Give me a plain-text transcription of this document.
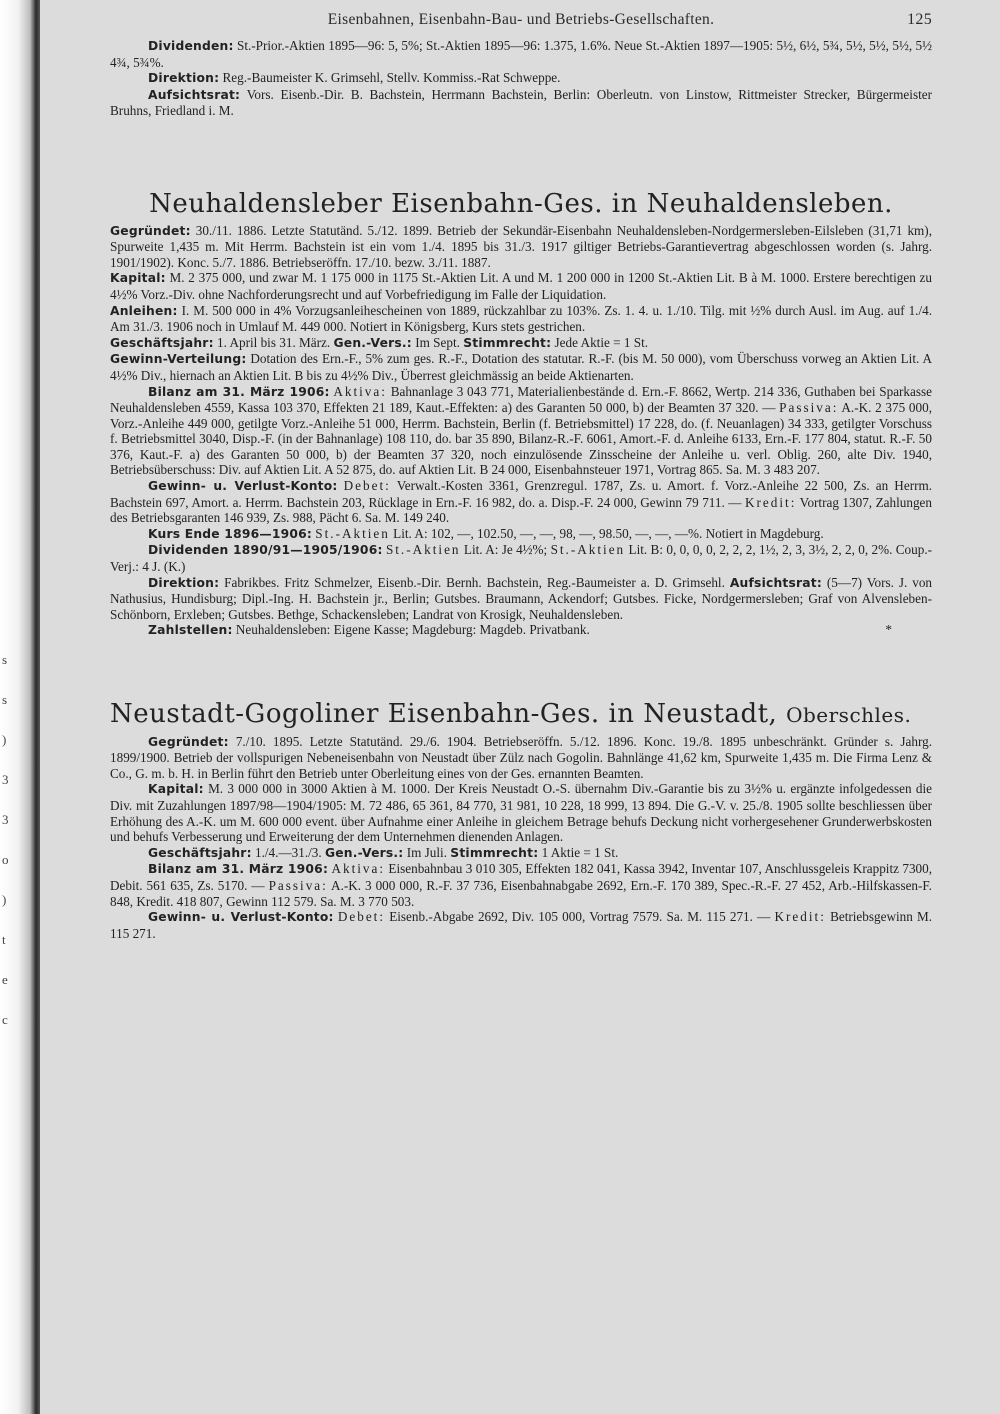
s
s
)
3
3
o
)
t
e
c
Eisenbahnen, Eisenbahn-Bau- und Betriebs-Gesellschaften.	125

Dividenden: St.-Prior.-Aktien 1895—96: 5, 5%; St.-Aktien 1895—96: 1.375, 1.6%. Neue St.-Aktien 1897—1905: 5½, 6½, 5¾, 5½, 5½, 5½, 5½ 4¾, 5¾%.

Direktion: Reg.-Baumeister K. Grimsehl, Stellv. Kommiss.-Rat Schweppe.

Aufsichtsrat: Vors. Eisenb.-Dir. B. Bachstein, Herrmann Bachstein, Berlin: Oberleutn. von Linstow, Rittmeister Strecker, Bürgermeister Bruhns, Friedland i. M.

Neuhaldensleber Eisenbahn-Ges. in Neuhaldensleben.

Gegründet: 30./11. 1886. Letzte Statutänd. 5./12. 1899. Betrieb der Sekundär-Eisenbahn Neuhaldensleben-Nordgermersleben-Eilsleben (31,71 km), Spurweite 1,435 m. Mit Herrm. Bachstein ist ein vom 1./4. 1895 bis 31./3. 1917 giltiger Betriebs-Garantievertrag abgeschlossen worden (s. Jahrg. 1901/1902). Konc. 5./7. 1886. Betriebseröffn. 17./10. bezw. 3./11. 1887.

Kapital: M. 2 375 000, und zwar M. 1 175 000 in 1175 St.-Aktien Lit. A und M. 1 200 000 in 1200 St.-Aktien Lit. B à M. 1000. Erstere berechtigen zu 4½% Vorz.-Div. ohne Nachforderungsrecht und auf Vorbefriedigung im Falle der Liquidation.

Anleihen: I. M. 500 000 in 4% Vorzugsanleihescheinen von 1889, rückzahlbar zu 103%. Zs. 1. 4. u. 1./10. Tilg. mit ½% durch Ausl. im Aug. auf 1./4. Am 31./3. 1906 noch in Umlauf M. 449 000. Notiert in Königsberg, Kurs stets gestrichen.

Geschäftsjahr: 1. April bis 31. März. Gen.-Vers.: Im Sept. Stimmrecht: Jede Aktie = 1 St.

Gewinn-Verteilung: Dotation des Ern.-F., 5% zum ges. R.-F., Dotation des statutar. R.-F. (bis M. 50 000), vom Überschuss vorweg an Aktien Lit. A 4½% Div., hiernach an Aktien Lit. B bis zu 4½% Div., Überrest gleichmässig an beide Aktienarten.

Bilanz am 31. März 1906: Aktiva: Bahnanlage 3 043 771, Materialienbestände d. Ern.-F. 8662, Wertp. 214 336, Guthaben bei Sparkasse Neuhaldensleben 4559, Kassa 103 370, Effekten 21 189, Kaut.-Effekten: a) des Garanten 50 000, b) der Beamten 37 320. — Passiva: A.-K. 2 375 000, Vorz.-Anleihe 449 000, getilgte Vorz.-Anleihe 51 000, Herrm. Bachstein, Berlin (f. Betriebsmittel) 17 228, do. (f. Neuanlagen) 34 333, getilgter Vorschuss f. Betriebsmittel 3040, Disp.-F. (in der Bahnanlage) 108 110, do. bar 35 890, Bilanz-R.-F. 6061, Amort.-F. d. Anleihe 6133, Ern.-F. 177 804, statut. R.-F. 50 376, Kaut.-F. a) des Garanten 50 000, b) der Beamten 37 320, noch einzulösende Zinsscheine der Anleihe u. verl. Oblig. 260, alte Div. 1940, Betriebsüberschuss: Div. auf Aktien Lit. A 52 875, do. auf Aktien Lit. B 24 000, Eisenbahnsteuer 1971, Vortrag 865. Sa. M. 3 483 207.

Gewinn- u. Verlust-Konto: Debet: Verwalt.-Kosten 3361, Grenzregul. 1787, Zs. u. Amort. f. Vorz.-Anleihe 22 500, Zs. an Herrm. Bachstein 697, Amort. a. Herrm. Bachstein 203, Rücklage in Ern.-F. 16 982, do. a. Disp.-F. 24 000, Gewinn 79 711. — Kredit: Vortrag 1307, Zahlungen des Betriebsgaranten 146 939, Zs. 988, Pächt 6. Sa. M. 149 240.

Kurs Ende 1896—1906: St.-Aktien Lit. A: 102, —, 102.50, —, —, 98, —, 98.50, —, —, —%. Notiert in Magdeburg.

Dividenden 1890/91—1905/1906: St.-Aktien Lit. A: Je 4½%; St.-Aktien Lit. B: 0, 0, 0, 0, 2, 2, 2, 1½, 2, 3, 3½, 2, 2, 0, 2%. Coup.-Verj.: 4 J. (K.)

Direktion: Fabrikbes. Fritz Schmelzer, Eisenb.-Dir. Bernh. Bachstein, Reg.-Baumeister a. D. Grimsehl. Aufsichtsrat: (5—7) Vors. J. von Nathusius, Hundisburg; Dipl.-Ing. H. Bachstein jr., Berlin; Gutsbes. Braumann, Ackendorf; Gutsbes. Ficke, Nordgermersleben; Graf von Alvensleben-Schönborn, Erxleben; Gutsbes. Bethge, Schackensleben; Landrat von Krosigk, Neuhaldensleben.

Zahlstellen: Neuhaldensleben: Eigene Kasse; Magdeburg: Magdeb. Privatbank.	*

Neustadt-Gogoliner Eisenbahn-Ges. in Neustadt, Oberschles.

Gegründet: 7./10. 1895. Letzte Statutänd. 29./6. 1904. Betriebseröffn. 5./12. 1896. Konc. 19./8. 1895 unbeschränkt. Gründer s. Jahrg. 1899/1900. Betrieb der vollspurigen Nebeneisenbahn von Neustadt über Zülz nach Gogolin. Bahnlänge 41,62 km, Spurweite 1,435 m. Die Firma Lenz & Co., G. m. b. H. in Berlin führt den Betrieb unter Oberleitung eines von der Ges. ernannten Beamten.

Kapital: M. 3 000 000 in 3000 Aktien à M. 1000. Der Kreis Neustadt O.-S. übernahm Div.-Garantie bis zu 3½% u. ergänzte infolgedessen die Div. mit Zuzahlungen 1897/98—1904/1905: M. 72 486, 65 361, 84 770, 31 981, 10 228, 18 999, 13 894. Die G.-V. v. 25./8. 1905 sollte beschliessen über Erhöhung des A.-K. um M. 600 000 event. über Aufnahme einer Anleihe in gleichem Betrage behufs Deckung nicht vorhergesehener Grunderwerbskosten und behufs Verbesserung und Erweiterung der dem Unternehmen dienenden Anlagen.

Geschäftsjahr: 1./4.—31./3. Gen.-Vers.: Im Juli. Stimmrecht: 1 Aktie = 1 St.

Bilanz am 31. März 1906: Aktiva: Eisenbahnbau 3 010 305, Effekten 182 041, Kassa 3942, Inventar 107, Anschlussgeleis Krappitz 7300, Debit. 561 635, Zs. 5170. — Passiva: A.-K. 3 000 000, R.-F. 37 736, Eisenbahnabgabe 2692, Ern.-F. 170 389, Spec.-R.-F. 27 452, Arb.-Hilfskassen-F. 848, Kredit. 418 807, Gewinn 112 579. Sa. M. 3 770 503.

Gewinn- u. Verlust-Konto: Debet: Eisenb.-Abgabe 2692, Div. 105 000, Vortrag 7579. Sa. M. 115 271. — Kredit: Betriebsgewinn M. 115 271.
